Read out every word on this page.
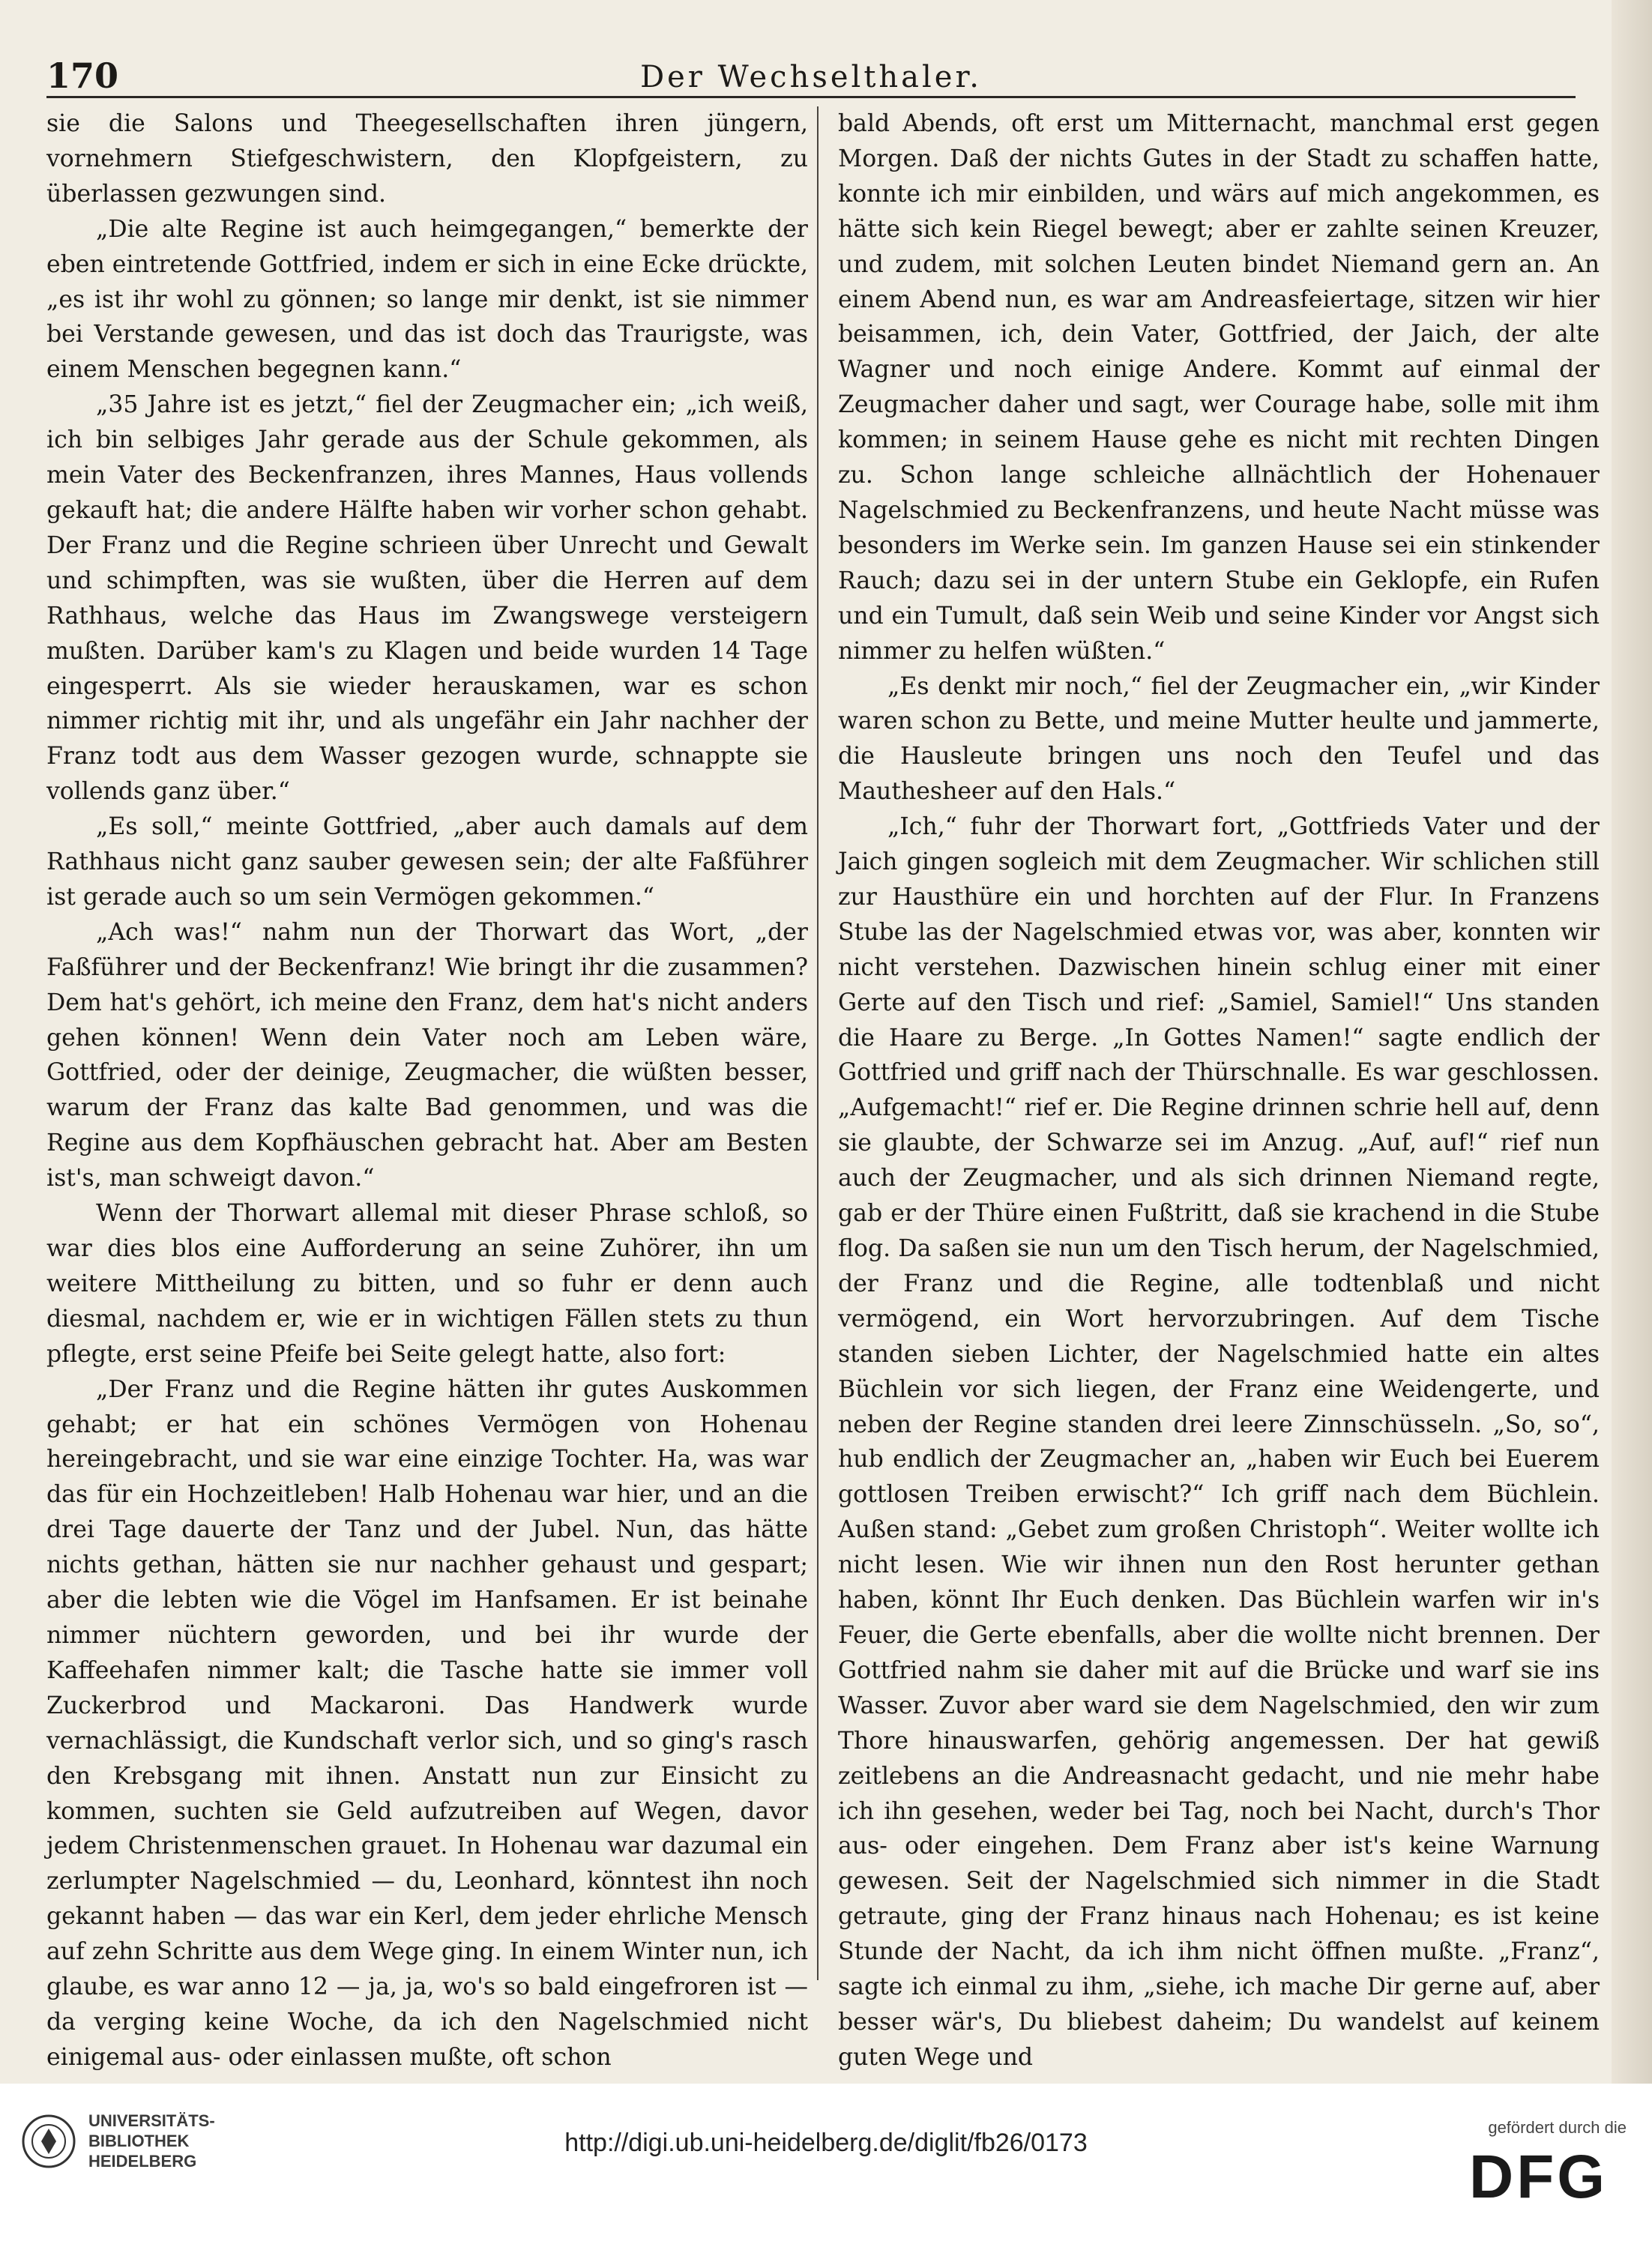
170	Der Wechselthaler.

sie die Salons und Theegesellschaften ihren jüngern, vornehmern Stiefgeschwistern, den Klopfgeistern, zu überlassen gezwungen sind.

„Die alte Regine ist auch heimgegangen,“ bemerkte der eben eintretende Gottfried, indem er sich in eine Ecke drückte, „es ist ihr wohl zu gönnen; so lange mir denkt, ist sie nimmer bei Verstande gewesen, und das ist doch das Traurigste, was einem Menschen begegnen kann.“

„35 Jahre ist es jetzt,“ fiel der Zeugmacher ein; „ich weiß, ich bin selbiges Jahr gerade aus der Schule gekommen, als mein Vater des Beckenfranzen, ihres Mannes, Haus vollends gekauft hat; die andere Hälfte haben wir vorher schon gehabt. Der Franz und die Regine schrieen über Unrecht und Gewalt und schimpften, was sie wußten, über die Herren auf dem Rathhaus, welche das Haus im Zwangswege versteigern mußten. Darüber kam's zu Klagen und beide wurden 14 Tage eingesperrt. Als sie wieder herauskamen, war es schon nimmer richtig mit ihr, und als ungefähr ein Jahr nachher der Franz todt aus dem Wasser gezogen wurde, schnappte sie vollends ganz über.“

„Es soll,“ meinte Gottfried, „aber auch damals auf dem Rathhaus nicht ganz sauber gewesen sein; der alte Faßführer ist gerade auch so um sein Vermögen gekommen.“

„Ach was!“ nahm nun der Thorwart das Wort, „der Faßführer und der Beckenfranz! Wie bringt ihr die zusammen? Dem hat's gehört, ich meine den Franz, dem hat's nicht anders gehen können! Wenn dein Vater noch am Leben wäre, Gottfried, oder der deinige, Zeugmacher, die wüßten besser, warum der Franz das kalte Bad genommen, und was die Regine aus dem Kopfhäuschen gebracht hat. Aber am Besten ist's, man schweigt davon.“

Wenn der Thorwart allemal mit dieser Phrase schloß, so war dies blos eine Aufforderung an seine Zuhörer, ihn um weitere Mittheilung zu bitten, und so fuhr er denn auch diesmal, nachdem er, wie er in wichtigen Fällen stets zu thun pflegte, erst seine Pfeife bei Seite gelegt hatte, also fort:

„Der Franz und die Regine hätten ihr gutes Auskommen gehabt; er hat ein schönes Vermögen von Hohenau hereingebracht, und sie war eine einzige Tochter. Ha, was war das für ein Hochzeitleben! Halb Hohenau war hier, und an die drei Tage dauerte der Tanz und der Jubel. Nun, das hätte nichts gethan, hätten sie nur nachher gehaust und gespart; aber die lebten wie die Vögel im Hanfsamen. Er ist beinahe nimmer nüchtern geworden, und bei ihr wurde der Kaffeehafen nimmer kalt; die Tasche hatte sie immer voll Zuckerbrod und Mackaroni. Das Handwerk wurde vernachlässigt, die Kundschaft verlor sich, und so ging's rasch den Krebsgang mit ihnen. Anstatt nun zur Einsicht zu kommen, suchten sie Geld aufzutreiben auf Wegen, davor jedem Christenmenschen grauet. In Hohenau war dazumal ein zerlumpter Nagelschmied — du, Leonhard, könntest ihn noch gekannt haben — das war ein Kerl, dem jeder ehrliche Mensch auf zehn Schritte aus dem Wege ging. In einem Winter nun, ich glaube, es war anno 12 — ja, ja, wo's so bald eingefroren ist — da verging keine Woche, da ich den Nagelschmied nicht einigemal aus- oder einlassen mußte, oft schon

bald Abends, oft erst um Mitternacht, manchmal erst gegen Morgen. Daß der nichts Gutes in der Stadt zu schaffen hatte, konnte ich mir einbilden, und wärs auf mich angekommen, es hätte sich kein Riegel bewegt; aber er zahlte seinen Kreuzer, und zudem, mit solchen Leuten bindet Niemand gern an. An einem Abend nun, es war am Andreasfeiertage, sitzen wir hier beisammen, ich, dein Vater, Gottfried, der Jaich, der alte Wagner und noch einige Andere. Kommt auf einmal der Zeugmacher daher und sagt, wer Courage habe, solle mit ihm kommen; in seinem Hause gehe es nicht mit rechten Dingen zu. Schon lange schleiche allnächtlich der Hohenauer Nagelschmied zu Beckenfranzens, und heute Nacht müsse was besonders im Werke sein. Im ganzen Hause sei ein stinkender Rauch; dazu sei in der untern Stube ein Geklopfe, ein Rufen und ein Tumult, daß sein Weib und seine Kinder vor Angst sich nimmer zu helfen wüßten.“

„Es denkt mir noch,“ fiel der Zeugmacher ein, „wir Kinder waren schon zu Bette, und meine Mutter heulte und jammerte, die Hausleute bringen uns noch den Teufel und das Mauthesheer auf den Hals.“

„Ich,“ fuhr der Thorwart fort, „Gottfrieds Vater und der Jaich gingen sogleich mit dem Zeugmacher. Wir schlichen still zur Hausthüre ein und horchten auf der Flur. In Franzens Stube las der Nagelschmied etwas vor, was aber, konnten wir nicht verstehen. Dazwischen hinein schlug einer mit einer Gerte auf den Tisch und rief: „Samiel, Samiel!“ Uns standen die Haare zu Berge. „In Gottes Namen!“ sagte endlich der Gottfried und griff nach der Thürschnalle. Es war geschlossen. „Aufgemacht!“ rief er. Die Regine drinnen schrie hell auf, denn sie glaubte, der Schwarze sei im Anzug. „Auf, auf!“ rief nun auch der Zeugmacher, und als sich drinnen Niemand regte, gab er der Thüre einen Fußtritt, daß sie krachend in die Stube flog. Da saßen sie nun um den Tisch herum, der Nagelschmied, der Franz und die Regine, alle todtenblaß und nicht vermögend, ein Wort hervorzubringen. Auf dem Tische standen sieben Lichter, der Nagelschmied hatte ein altes Büchlein vor sich liegen, der Franz eine Weidengerte, und neben der Regine standen drei leere Zinnschüsseln. „So, so“, hub endlich der Zeugmacher an, „haben wir Euch bei Euerem gottlosen Treiben erwischt?“ Ich griff nach dem Büchlein. Außen stand: „Gebet zum großen Christoph“. Weiter wollte ich nicht lesen. Wie wir ihnen nun den Rost herunter gethan haben, könnt Ihr Euch denken. Das Büchlein warfen wir in's Feuer, die Gerte ebenfalls, aber die wollte nicht brennen. Der Gottfried nahm sie daher mit auf die Brücke und warf sie ins Wasser. Zuvor aber ward sie dem Nagelschmied, den wir zum Thore hinauswarfen, gehörig angemessen. Der hat gewiß zeitlebens an die Andreasnacht gedacht, und nie mehr habe ich ihn gesehen, weder bei Tag, noch bei Nacht, durch's Thor aus- oder eingehen. Dem Franz aber ist's keine Warnung gewesen. Seit der Nagelschmied sich nimmer in die Stadt getraute, ging der Franz hinaus nach Hohenau; es ist keine Stunde der Nacht, da ich ihm nicht öffnen mußte. „Franz“, sagte ich einmal zu ihm, „siehe, ich mache Dir gerne auf, aber besser wär's, Du bliebest daheim; Du wandelst auf keinem guten Wege und

UNIVERSITÄTS-
BIBLIOTHEK
HEIDELBERG
http://digi.ub.uni-heidelberg.de/diglit/fb26/0173
gefördert durch die
DFG
